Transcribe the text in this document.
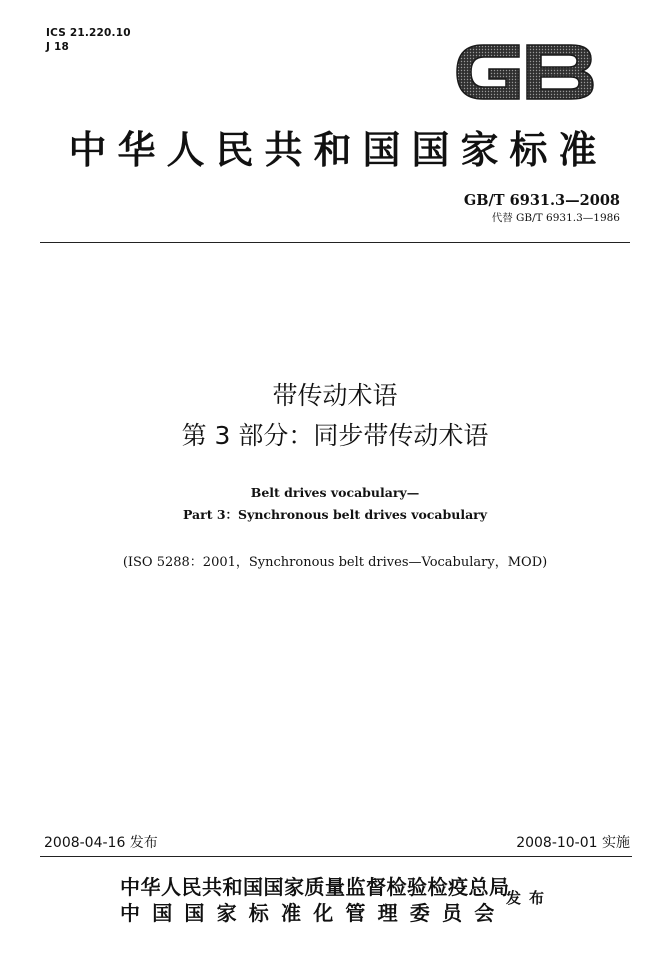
ICS 21.220.10
J 18
中华人民共和国国家标准
GB/T 6931.3—2008
代替 GB/T 6931.3—1986
带传动术语
第 3 部分：同步带传动术语
Belt drives vocabulary—
Part 3：Synchronous belt drives vocabulary
(ISO 5288：2001，Synchronous belt drives—Vocabulary，MOD)
2008-04-16 发布	2008-10-01 实施
中华人民共和国国家质量监督检验检疫总局
中国国家标准化管理委员会
发布
